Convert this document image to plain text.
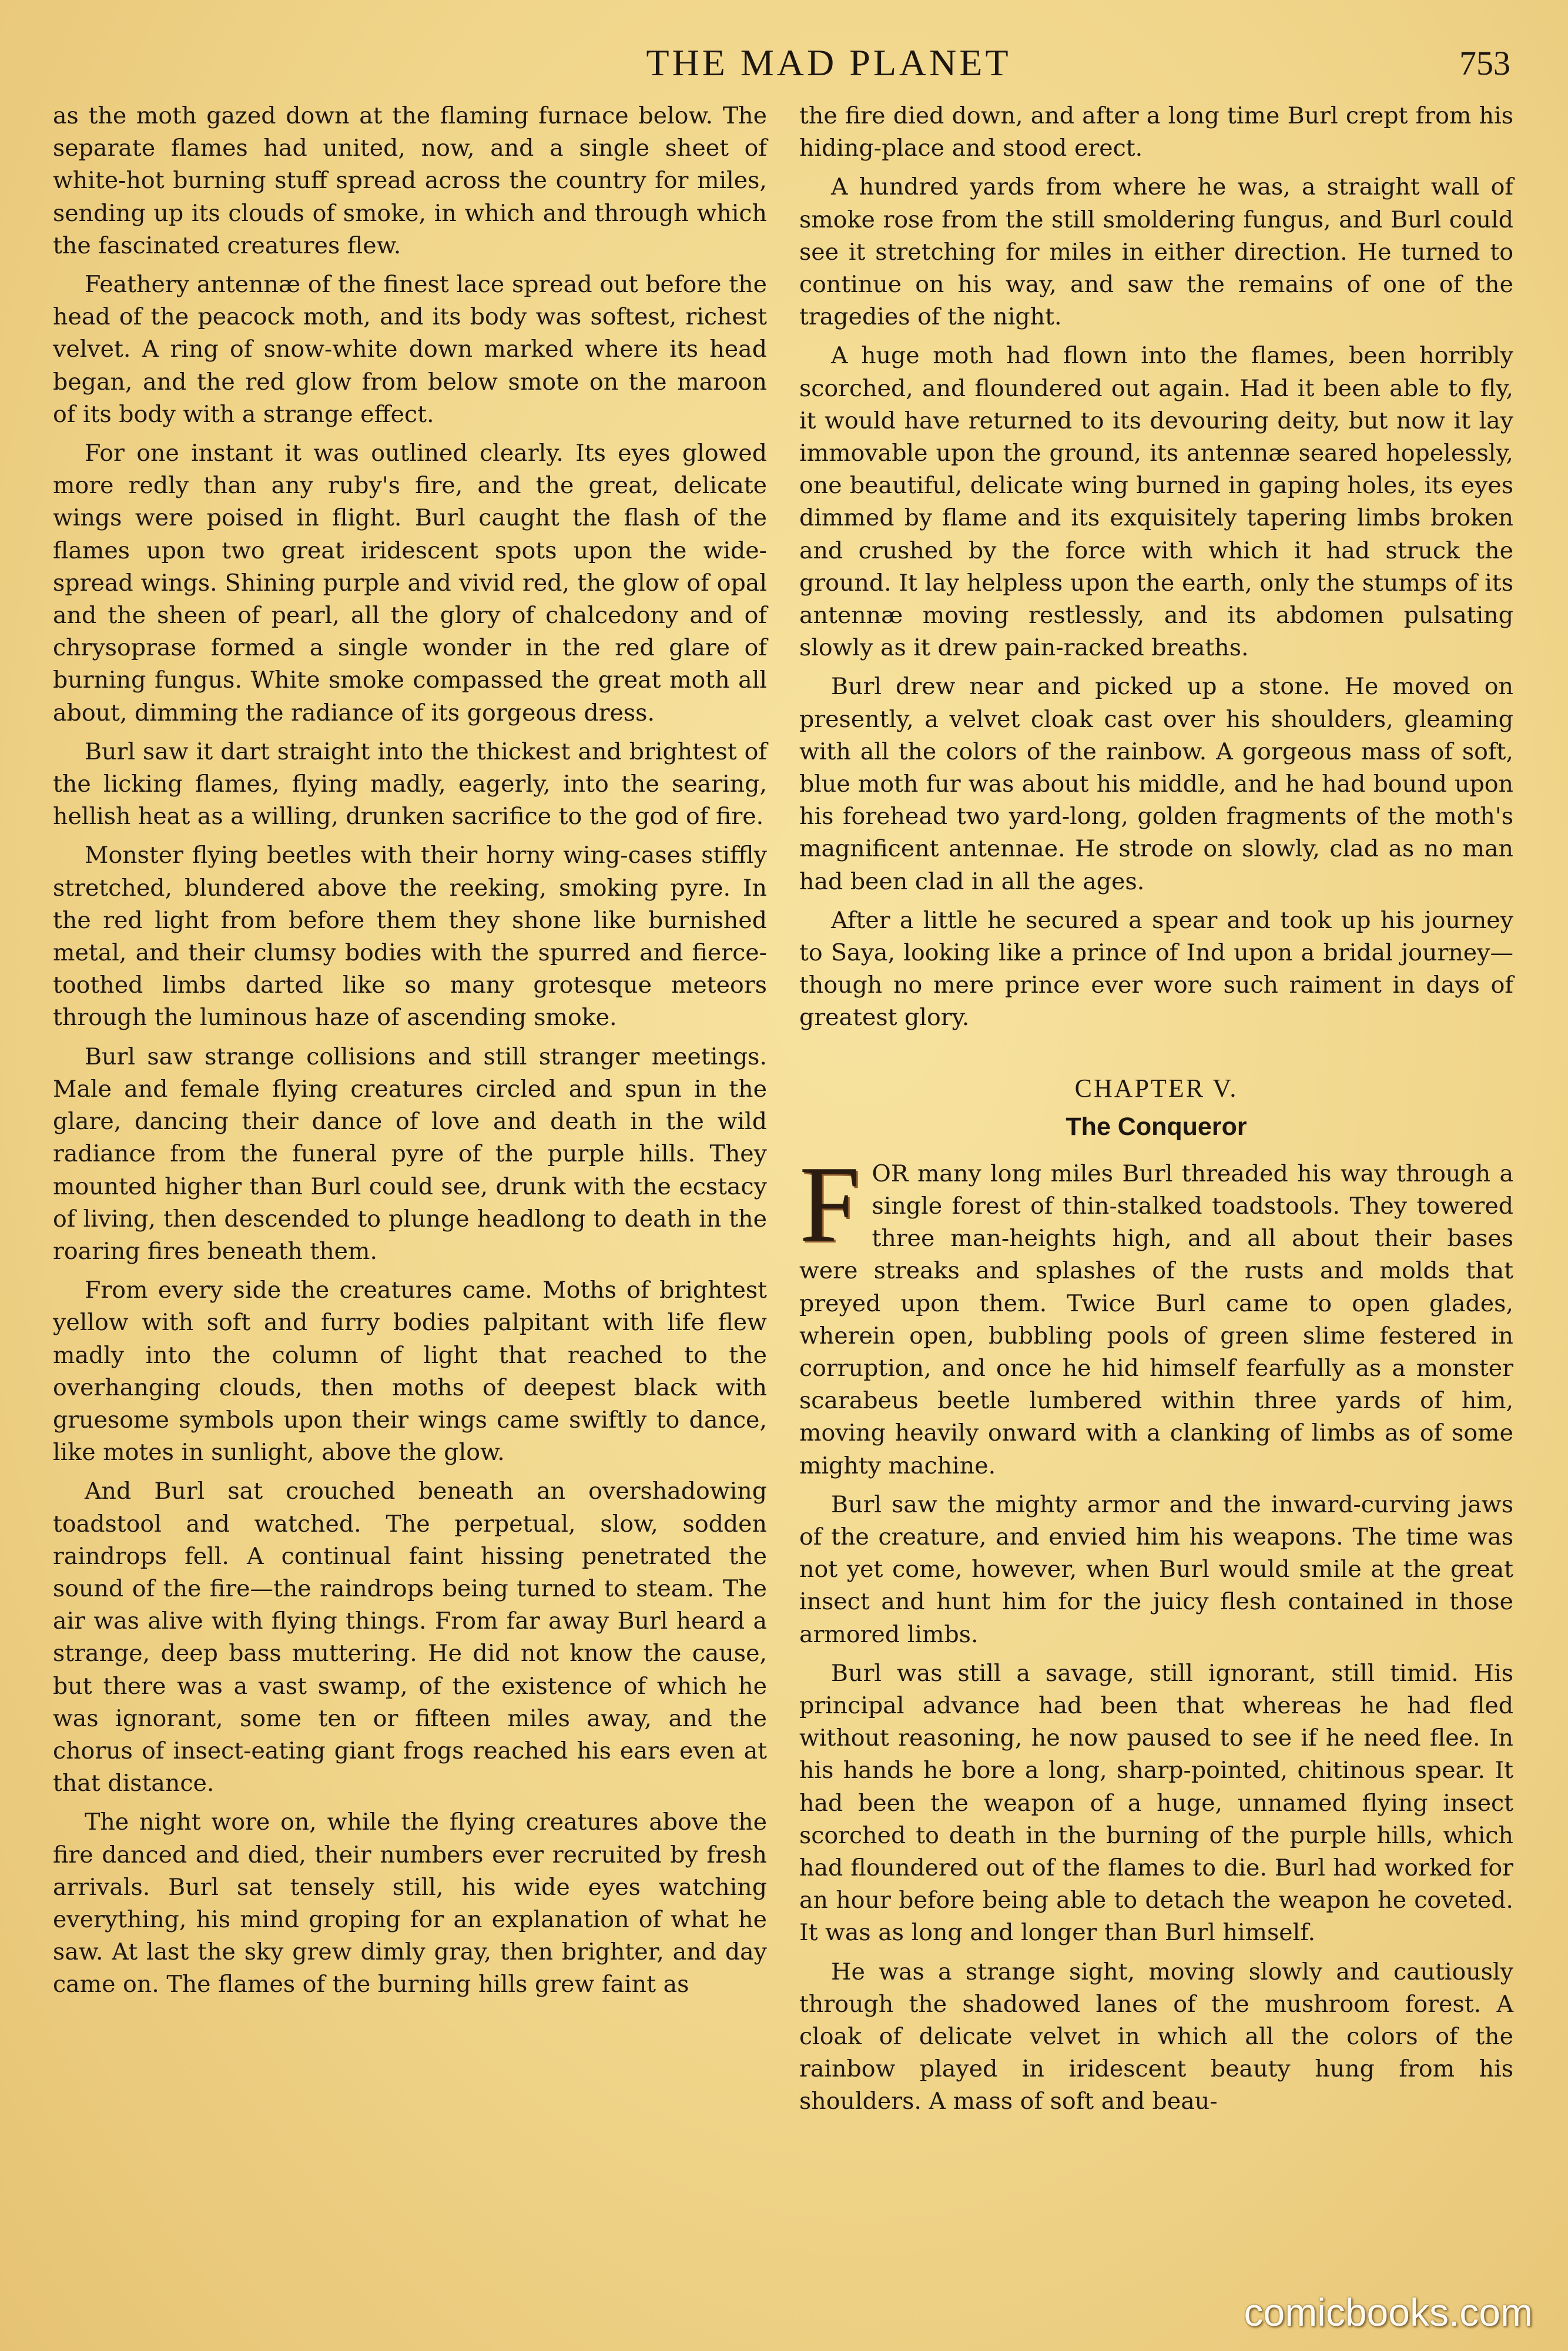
THE MAD PLANET	753

as the moth gazed down at the flaming furnace below. The separate flames had united, now, and a single sheet of white-hot burning stuff spread across the country for miles, sending up its clouds of smoke, in which and through which the fascinated creatures flew.

Feathery antennæ of the finest lace spread out before the head of the peacock moth, and its body was softest, richest velvet. A ring of snow-white down marked where its head began, and the red glow from below smote on the maroon of its body with a strange effect.

For one instant it was outlined clearly. Its eyes glowed more redly than any ruby's fire, and the great, delicate wings were poised in flight. Burl caught the flash of the flames upon two great iridescent spots upon the wide-spread wings. Shining purple and vivid red, the glow of opal and the sheen of pearl, all the glory of chalcedony and of chrysoprase formed a single wonder in the red glare of burning fungus. White smoke compassed the great moth all about, dimming the radiance of its gorgeous dress.

Burl saw it dart straight into the thickest and brightest of the licking flames, flying madly, eagerly, into the searing, hellish heat as a willing, drunken sacrifice to the god of fire.

Monster flying beetles with their horny wing-cases stiffly stretched, blundered above the reeking, smoking pyre. In the red light from before them they shone like burnished metal, and their clumsy bodies with the spurred and fierce-toothed limbs darted like so many grotesque meteors through the luminous haze of ascending smoke.

Burl saw strange collisions and still stranger meetings. Male and female flying creatures circled and spun in the glare, dancing their dance of love and death in the wild radiance from the funeral pyre of the purple hills. They mounted higher than Burl could see, drunk with the ecstacy of living, then descended to plunge headlong to death in the roaring fires beneath them.

From every side the creatures came. Moths of brightest yellow with soft and furry bodies palpitant with life flew madly into the column of light that reached to the overhanging clouds, then moths of deepest black with gruesome symbols upon their wings came swiftly to dance, like motes in sunlight, above the glow.

And Burl sat crouched beneath an overshadowing toadstool and watched. The perpetual, slow, sodden raindrops fell. A continual faint hissing penetrated the sound of the fire—the raindrops being turned to steam. The air was alive with flying things. From far away Burl heard a strange, deep bass muttering. He did not know the cause, but there was a vast swamp, of the existence of which he was ignorant, some ten or fifteen miles away, and the chorus of insect-eating giant frogs reached his ears even at that distance.

The night wore on, while the flying creatures above the fire danced and died, their numbers ever recruited by fresh arrivals. Burl sat tensely still, his wide eyes watching everything, his mind groping for an explanation of what he saw. At last the sky grew dimly gray, then brighter, and day came on. The flames of the burning hills grew faint as

the fire died down, and after a long time Burl crept from his hiding-place and stood erect.

A hundred yards from where he was, a straight wall of smoke rose from the still smoldering fungus, and Burl could see it stretching for miles in either direction. He turned to continue on his way, and saw the remains of one of the tragedies of the night.

A huge moth had flown into the flames, been horribly scorched, and floundered out again. Had it been able to fly, it would have returned to its devouring deity, but now it lay immovable upon the ground, its antennæ seared hopelessly, one beautiful, delicate wing burned in gaping holes, its eyes dimmed by flame and its exquisitely tapering limbs broken and crushed by the force with which it had struck the ground. It lay helpless upon the earth, only the stumps of its antennæ moving restlessly, and its abdomen pulsating slowly as it drew pain-racked breaths.

Burl drew near and picked up a stone. He moved on presently, a velvet cloak cast over his shoulders, gleaming with all the colors of the rainbow. A gorgeous mass of soft, blue moth fur was about his middle, and he had bound upon his forehead two yard-long, golden fragments of the moth's magnificent antennae. He strode on slowly, clad as no man had been clad in all the ages.

After a little he secured a spear and took up his journey to Saya, looking like a prince of Ind upon a bridal journey—though no mere prince ever wore such raiment in days of greatest glory.

CHAPTER V.
The Conqueror

FOR many long miles Burl threaded his way through a single forest of thin-stalked toadstools. They towered three man-heights high, and all about their bases were streaks and splashes of the rusts and molds that preyed upon them. Twice Burl came to open glades, wherein open, bubbling pools of green slime festered in corruption, and once he hid himself fearfully as a monster scarabeus beetle lumbered within three yards of him, moving heavily onward with a clanking of limbs as of some mighty machine.

Burl saw the mighty armor and the inward-curving jaws of the creature, and envied him his weapons. The time was not yet come, however, when Burl would smile at the great insect and hunt him for the juicy flesh contained in those armored limbs.

Burl was still a savage, still ignorant, still timid. His principal advance had been that whereas he had fled without reasoning, he now paused to see if he need flee. In his hands he bore a long, sharp-pointed, chitinous spear. It had been the weapon of a huge, unnamed flying insect scorched to death in the burning of the purple hills, which had floundered out of the flames to die. Burl had worked for an hour before being able to detach the weapon he coveted. It was as long and longer than Burl himself.

He was a strange sight, moving slowly and cautiously through the shadowed lanes of the mushroom forest. A cloak of delicate velvet in which all the colors of the rainbow played in iridescent beauty hung from his shoulders. A mass of soft and beau-

comicbooks.com
